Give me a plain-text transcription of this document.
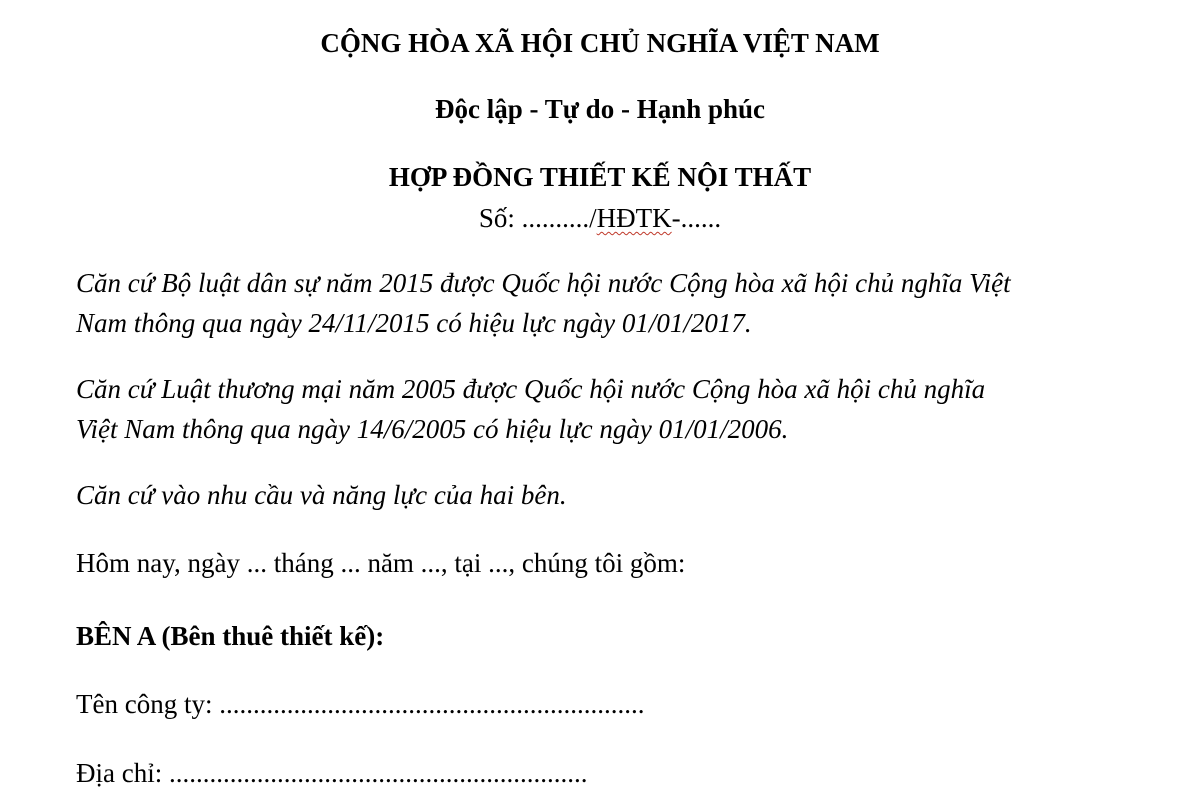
CỘNG HÒA XÃ HỘI CHỦ NGHĨA VIỆT NAM

Độc lập - Tự do - Hạnh phúc

HỢP ĐỒNG THIẾT KẾ NỘI THẤT

Số: ........../HĐTK-......

Căn cứ Bộ luật dân sự năm 2015 được Quốc hội nước Cộng hòa xã hội chủ nghĩa Việt

Nam thông qua ngày 24/11/2015 có hiệu lực ngày 01/01/2017.

Căn cứ Luật thương mại năm 2005 được Quốc hội nước Cộng hòa xã hội chủ nghĩa

Việt Nam thông qua ngày 14/6/2005 có hiệu lực ngày 01/01/2006.

Căn cứ vào nhu cầu và năng lực của hai bên.

Hôm nay, ngày ... tháng ... năm ..., tại ..., chúng tôi gồm:

BÊN A (Bên thuê thiết kế):

Tên công ty: ...............................................................

Địa chỉ: ..............................................................
